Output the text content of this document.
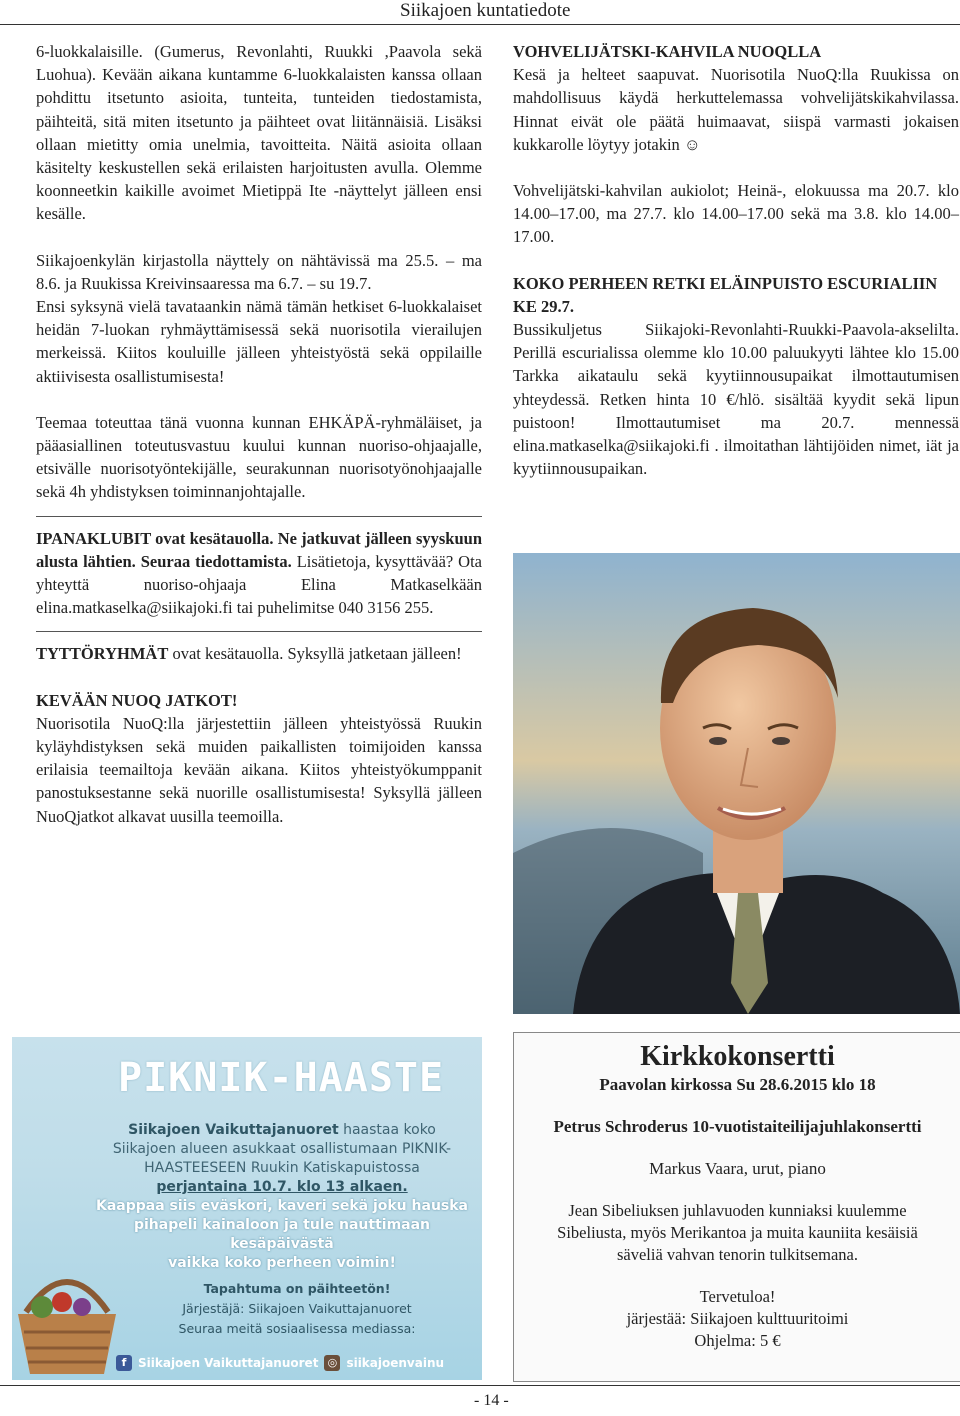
Siikajoen kuntatiedote

6-luokkalaisille. (Gumerus, Revonlahti, Ruukki ,Paavola sekä Luohua). Kevään aikana kuntamme 6-luokkalaisten kanssa ollaan pohdittu itsetunto asioita, tunteita, tunteiden tiedostamista, päihteitä, sitä miten itsetunto ja päihteet ovat liitännäisiä. Lisäksi ollaan mietitty omia unelmia, tavoitteita. Näitä asioita ollaan käsitelty keskustellen sekä erilaisten harjoitusten avulla. Olemme koonneetkin kaikille avoimet Mietippä Ite -näyttelyt jälleen ensi kesälle.

Siikajoenkylän kirjastolla näyttely on nähtävissä ma 25.5. – ma 8.6. ja Ruukissa Kreivinsaaressa ma 6.7. – su 19.7.

Ensi syksynä vielä tavataankin nämä tämän hetkiset 6-luokkalaiset heidän 7-luokan ryhmäyttämisessä sekä nuorisotila vierailujen merkeissä. Kiitos kouluille jälleen yhteistyöstä sekä oppilaille aktiivisesta osallistumisesta!

Teemaa toteuttaa tänä vuonna kunnan EHKÄPÄ-ryhmäläiset, ja pääasiallinen toteutusvastuu kuului kunnan nuoriso-ohjaajalle, etsivälle nuorisotyöntekijälle, seurakunnan nuorisotyönohjaajalle sekä 4h yhdistyksen toiminnanjohtajalle.

IPANAKLUBIT ovat kesätauolla. Ne jatkuvat jälleen syyskuun alusta lähtien. Seuraa tiedottamista. Lisätietoja, kysyttävää? Ota yhteyttä nuoriso-ohjaaja Elina Matkaselkään elina.matkaselka@siikajoki.fi tai puhelimitse 040 3156 255.

TYTTÖRYHMÄT ovat kesätauolla. Syksyllä jatketaan jälleen!

KEVÄÄN NUOQ JATKOT!

Nuorisotila NuoQ:lla järjestettiin jälleen yhteistyössä Ruukin kyläyhdistyksen sekä muiden paikallisten toimijoiden kanssa erilaisia teemailtoja kevään aikana. Kiitos yhteistyökumppanit panostuksestanne sekä nuorille osallistumisesta! Syksyllä jälleen NuoQjatkot alkavat uusilla teemoilla.

VOHVELIJÄTSKI-KAHVILA NUOQLLA

Kesä ja helteet saapuvat. Nuorisotila NuoQ:lla Ruukissa on mahdollisuus käydä herkuttelemassa vohvelijätskikahvilassa. Hinnat eivät ole päätä huimaavat, siispä varmasti jokaisen kukkarolle löytyy jotakin ☺

Vohvelijätski-kahvilan aukiolot; Heinä-, elokuussa ma 20.7. klo 14.00–17.00, ma 27.7. klo 14.00–17.00 sekä ma 3.8. klo 14.00–17.00.

KOKO PERHEEN RETKI ELÄINPUISTO ESCURIALIIN KE 29.7.

Bussikuljetus Siikajoki-Revonlahti-Ruukki-Paavola-akselilta. Perillä escurialissa olemme klo 10.00 paluukyyti lähtee klo 15.00 Tarkka aikataulu sekä kyytiinnousupaikat ilmottautumisen yhteydessä. Retken hinta 10 €/hlö. sisältää kyydit sekä lipun puistoon! Ilmottautumiset ma 20.7. mennessä elina.matkaselka@siikajoki.fi . ilmoitathan lähtijöiden nimet, iät ja kyytiinnousupaikan.

PIKNIK-HAASTE
Siikajoen Vaikuttajanuoret haastaa koko
Siikajoen alueen asukkaat osallistumaan PIKNIK-
HAASTEESEEN Ruukin Katiskapuistossa
perjantaina 10.7. klo 13 alkaen.
Kaappaa siis eväskori, kaveri sekä joku hauska
pihapeli kainaloon ja tule nauttimaan kesäpäivästä
vaikka koko perheen voimin!
Tapahtuma on päihteetön!
Järjestäjä: Siikajoen Vaikuttajanuoret
Seuraa meitä sosiaalisessa mediassa:
f Siikajoen Vaikuttajanuoret ◎ siikajoenvainu
Kirkkokonsertti
Paavolan kirkossa Su 28.6.2015 klo 18
Petrus Schroderus 10-vuotistaiteilijajuhlakonsertti
Markus Vaara, urut, piano
Jean Sibeliuksen juhlavuoden kunniaksi kuulemme Sibeliusta, myös Merikantoa ja muita kauniita kesäisiä säveliä vahvan tenorin tulkitsemana.
Tervetuloa!
järjestää: Siikajoen kulttuuritoimi
Ohjelma: 5 €
- 14 -
